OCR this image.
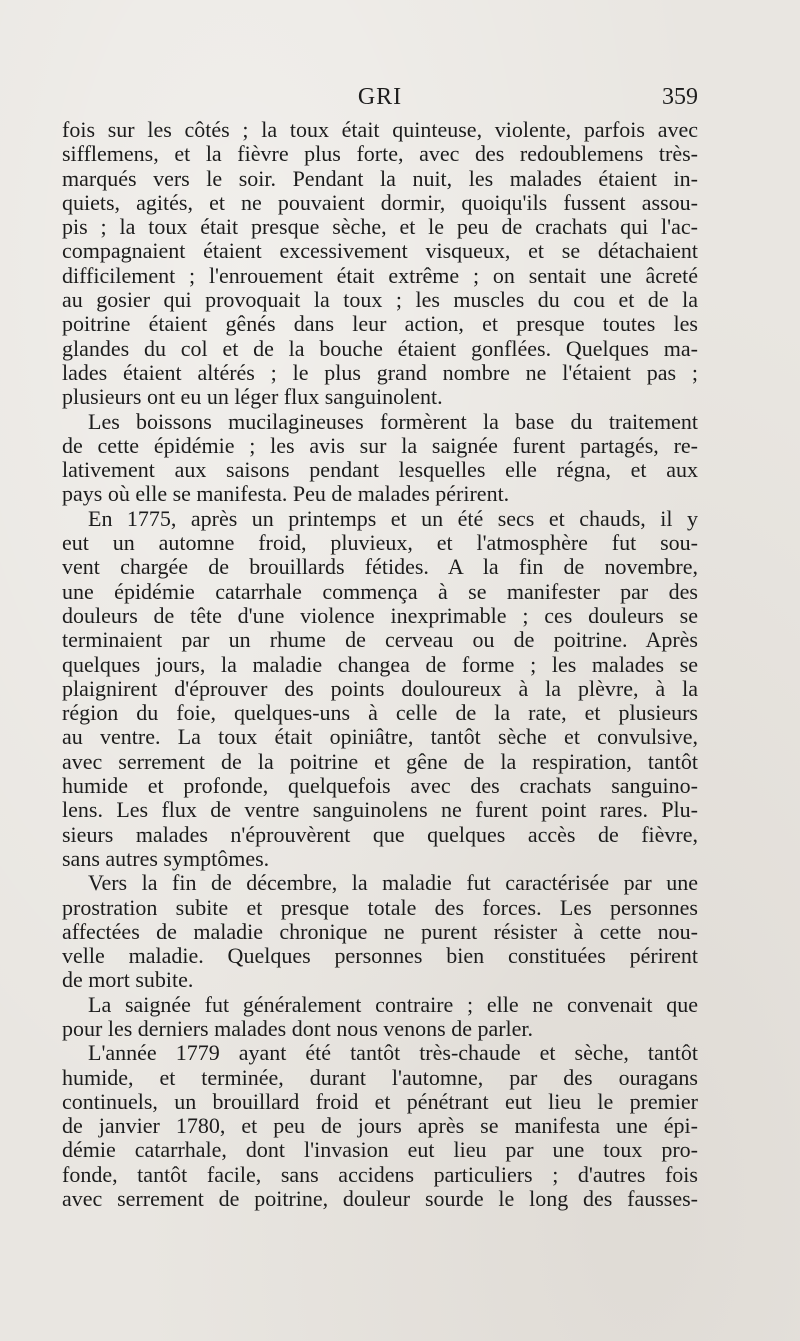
GRI	359
fois sur les côtés ; la toux était quinteuse, violente, parfois avec
sifflemens, et la fièvre plus forte, avec des redoublemens très-
marqués vers le soir. Pendant la nuit, les malades étaient in-
quiets, agités, et ne pouvaient dormir, quoiqu'ils fussent assou-
pis ; la toux était presque sèche, et le peu de crachats qui l'ac-
compagnaient étaient excessivement visqueux, et se détachaient
difficilement ; l'enrouement était extrême ; on sentait une âcreté
au gosier qui provoquait la toux ; les muscles du cou et de la
poitrine étaient gênés dans leur action, et presque toutes les
glandes du col et de la bouche étaient gonflées. Quelques ma-
lades étaient altérés ; le plus grand nombre ne l'étaient pas ;
plusieurs ont eu un léger flux sanguinolent.
Les boissons mucilagineuses formèrent la base du traitement
de cette épidémie ; les avis sur la saignée furent partagés, re-
lativement aux saisons pendant lesquelles elle régna, et aux
pays où elle se manifesta. Peu de malades périrent.
En 1775, après un printemps et un été secs et chauds, il y
eut un automne froid, pluvieux, et l'atmosphère fut sou-
vent chargée de brouillards fétides. A la fin de novembre,
une épidémie catarrhale commença à se manifester par des
douleurs de tête d'une violence inexprimable ; ces douleurs se
terminaient par un rhume de cerveau ou de poitrine. Après
quelques jours, la maladie changea de forme ; les malades se
plaignirent d'éprouver des points douloureux à la plèvre, à la
région du foie, quelques-uns à celle de la rate, et plusieurs
au ventre. La toux était opiniâtre, tantôt sèche et convulsive,
avec serrement de la poitrine et gêne de la respiration, tantôt
humide et profonde, quelquefois avec des crachats sanguino-
lens. Les flux de ventre sanguinolens ne furent point rares. Plu-
sieurs malades n'éprouvèrent que quelques accès de fièvre,
sans autres symptômes.
Vers la fin de décembre, la maladie fut caractérisée par une
prostration subite et presque totale des forces. Les personnes
affectées de maladie chronique ne purent résister à cette nou-
velle maladie. Quelques personnes bien constituées périrent
de mort subite.
La saignée fut généralement contraire ; elle ne convenait que
pour les derniers malades dont nous venons de parler.
L'année 1779 ayant été tantôt très-chaude et sèche, tantôt
humide, et terminée, durant l'automne, par des ouragans
continuels, un brouillard froid et pénétrant eut lieu le premier
de janvier 1780, et peu de jours après se manifesta une épi-
démie catarrhale, dont l'invasion eut lieu par une toux pro-
fonde, tantôt facile, sans accidens particuliers ; d'autres fois
avec serrement de poitrine, douleur sourde le long des fausses-
